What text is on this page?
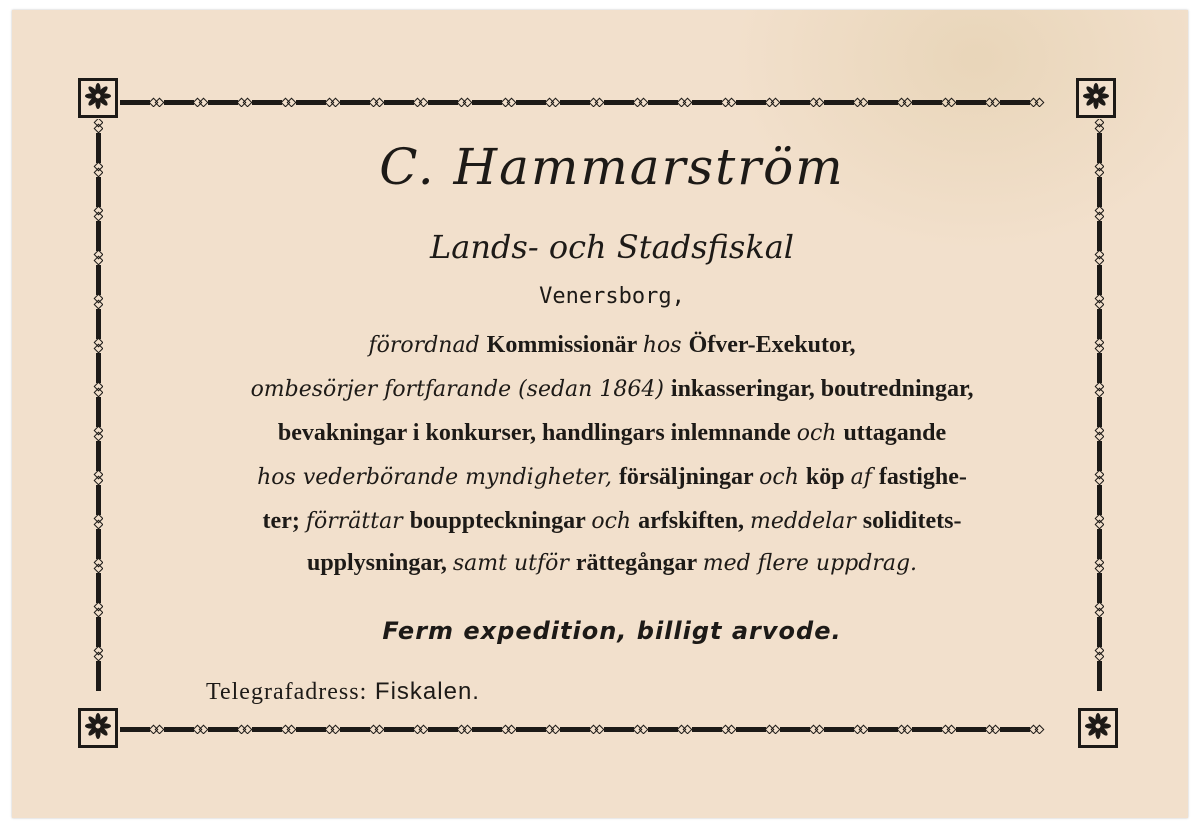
C. Hammarström
Lands- och Stadsfiskal
Venersborg,
förordnad Kommissionär hos Öfver-Exekutor,
ombesörjer fortfarande (sedan 1864) inkasseringar, boutredningar,
bevakningar i konkurser, handlingars inlemnande och uttagande
hos vederbörande myndigheter, försäljningar och köp af fastighe-
ter; förrättar bouppteckningar och arfskiften, meddelar soliditets-
upplysningar, samt utför rättegångar med flere uppdrag.
Ferm expedition, billigt arvode.
Telegrafadress: Fiskalen.
